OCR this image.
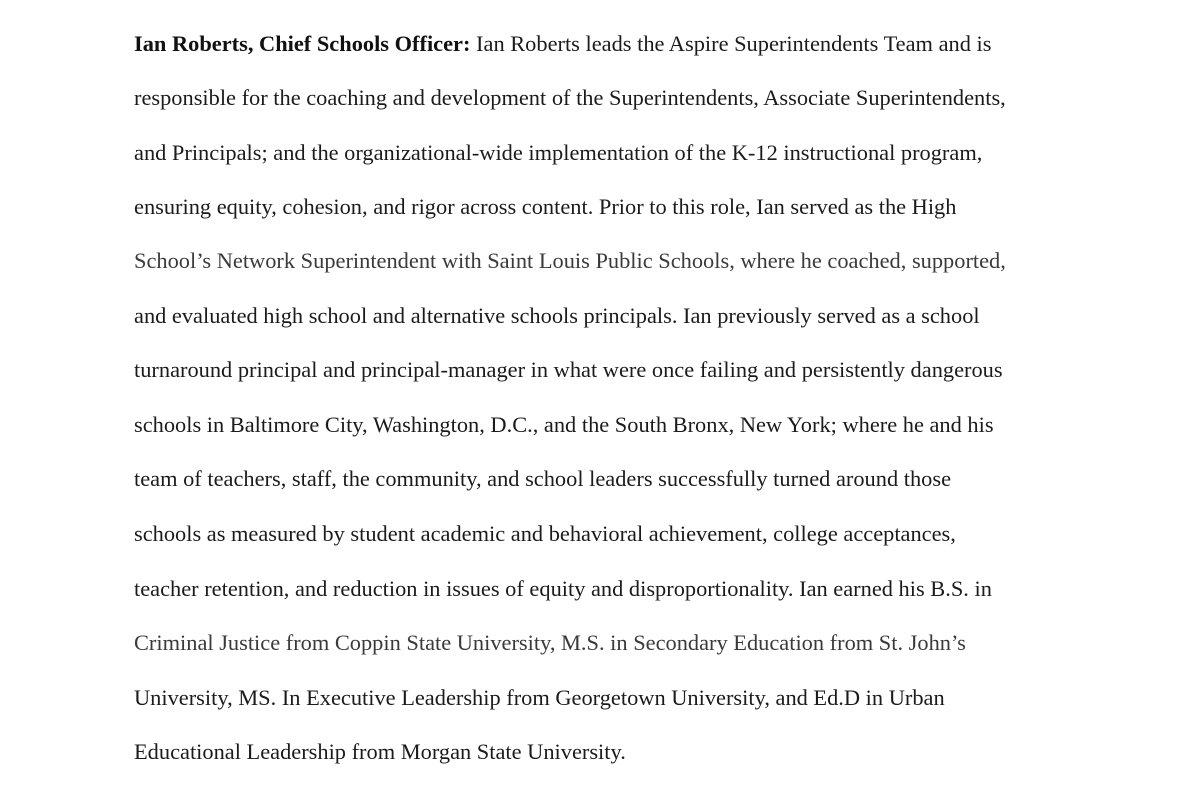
Ian Roberts, Chief Schools Officer: Ian Roberts leads the Aspire Superintendents Team and is
responsible for the coaching and development of the Superintendents, Associate Superintendents,
and Principals; and the organizational-wide implementation of the K-12 instructional program,
ensuring equity, cohesion, and rigor across content. Prior to this role, Ian served as the High
School’s Network Superintendent with Saint Louis Public Schools, where he coached, supported,
and evaluated high school and alternative schools principals. Ian previously served as a school
turnaround principal and principal-manager in what were once failing and persistently dangerous
schools in Baltimore City, Washington, D.C., and the South Bronx, New York; where he and his
team of teachers, staff, the community, and school leaders successfully turned around those
schools as measured by student academic and behavioral achievement, college acceptances,
teacher retention, and reduction in issues of equity and disproportionality. Ian earned his B.S. in
Criminal Justice from Coppin State University, M.S. in Secondary Education from St. John’s
University, MS. In Executive Leadership from Georgetown University, and Ed.D in Urban
Educational Leadership from Morgan State University.
